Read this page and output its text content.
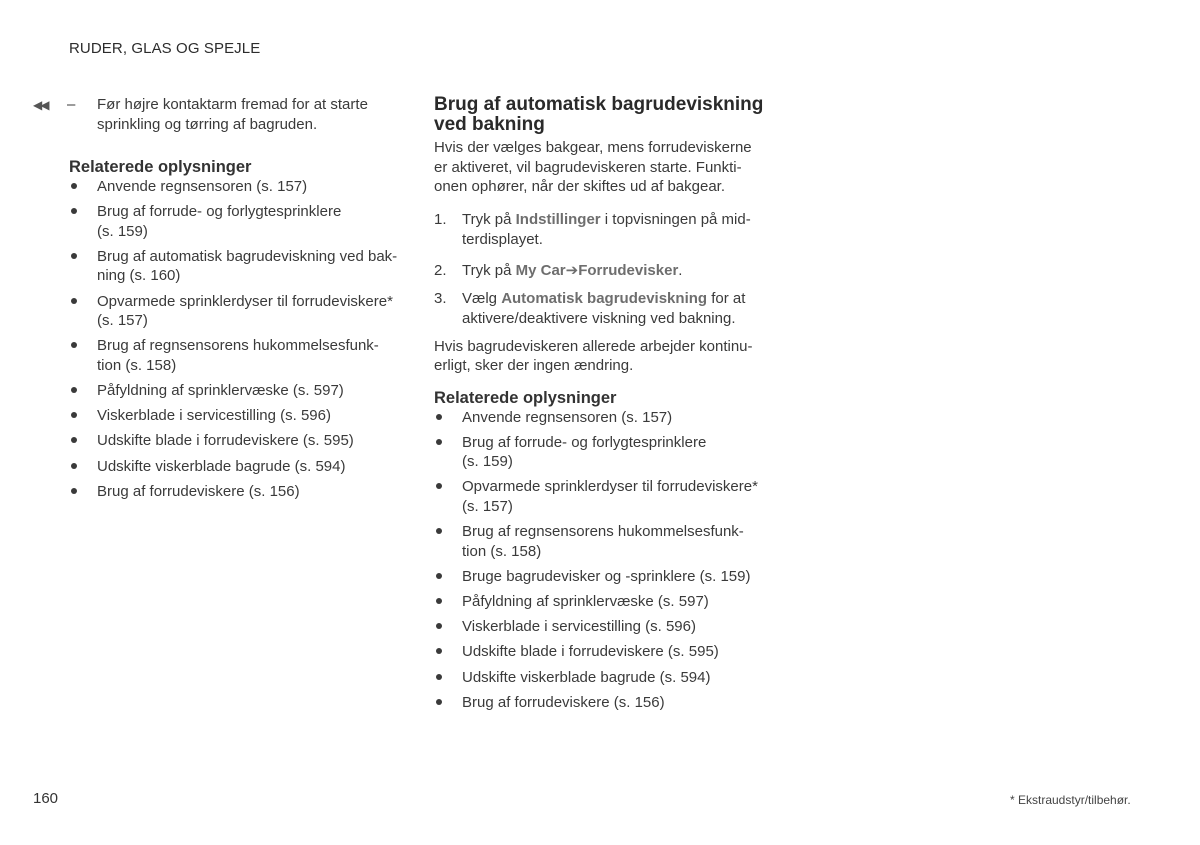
RUDER, GLAS OG SPEJLE
◀◀ – Før højre kontaktarm fremad for at starte
sprinkling og tørring af bagruden.
Relaterede oplysninger
Anvende regnsensoren (s. 157)
Brug af forrude- og forlygtesprinklere
(s. 159)
Brug af automatisk bagrudeviskning ved bak-
ning (s. 160)
Opvarmede sprinklerdyser til forrudeviskere*
(s. 157)
Brug af regnsensorens hukommelsesfunk-
tion (s. 158)
Påfyldning af sprinklervæske (s. 597)
Viskerblade i servicestilling (s. 596)
Udskifte blade i forrudeviskere (s. 595)
Udskifte viskerblade bagrude (s. 594)
Brug af forrudeviskere (s. 156)
Brug af automatisk bagrudeviskning
ved bakning
Hvis der vælges bakgear, mens forrudeviskerne
er aktiveret, vil bagrudeviskeren starte. Funkti-
onen ophører, når der skiftes ud af bakgear.
1. Tryk på Indstillinger i topvisningen på mid-
terdisplayet.
2. Tryk på My Car➔Forrudevisker.
3. Vælg Automatisk bagrudeviskning for at
aktivere/deaktivere viskning ved bakning.
Hvis bagrudeviskeren allerede arbejder kontinu-
erligt, sker der ingen ændring.
Relaterede oplysninger
Anvende regnsensoren (s. 157)
Brug af forrude- og forlygtesprinklere
(s. 159)
Opvarmede sprinklerdyser til forrudeviskere*
(s. 157)
Brug af regnsensorens hukommelsesfunk-
tion (s. 158)
Bruge bagrudevisker og -sprinklere (s. 159)
Påfyldning af sprinklervæske (s. 597)
Viskerblade i servicestilling (s. 596)
Udskifte blade i forrudeviskere (s. 595)
Udskifte viskerblade bagrude (s. 594)
Brug af forrudeviskere (s. 156)
160	* Ekstraudstyr/tilbehør.
